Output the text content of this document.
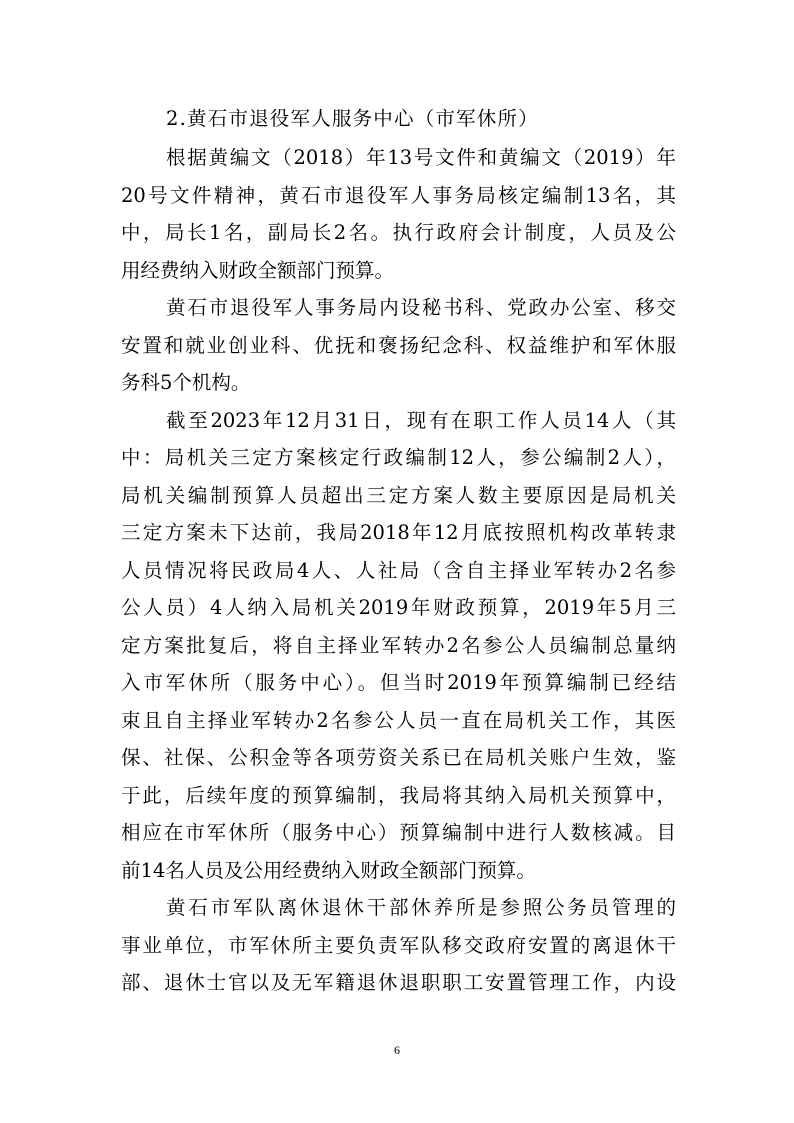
2.黄石市退役军人服务中心（市军休所）

根据黄编文（2018）年13号文件和黄编文（2019）年
20号文件精神，黄石市退役军人事务局核定编制13名，其
中，局长1名，副局长2名。执行政府会计制度，人员及公
用经费纳入财政全额部门预算。

黄石市退役军人事务局内设秘书科、党政办公室、移交
安置和就业创业科、优抚和褒扬纪念科、权益维护和军休服
务科5个机构。

截至2023年12月31日，现有在职工作人员14人（其
中：局机关三定方案核定行政编制12人，参公编制2人），
局机关编制预算人员超出三定方案人数主要原因是局机关
三定方案未下达前，我局2018年12月底按照机构改革转隶
人员情况将民政局4人、人社局（含自主择业军转办2名参
公人员）4人纳入局机关2019年财政预算，2019年5月三
定方案批复后，将自主择业军转办2名参公人员编制总量纳
入市军休所（服务中心）。但当时2019年预算编制已经结
束且自主择业军转办2名参公人员一直在局机关工作，其医
保、社保、公积金等各项劳资关系已在局机关账户生效，鉴
于此，后续年度的预算编制，我局将其纳入局机关预算中，
相应在市军休所（服务中心）预算编制中进行人数核减。目
前14名人员及公用经费纳入财政全额部门预算。

黄石市军队离休退休干部休养所是参照公务员管理的
事业单位，市军休所主要负责军队移交政府安置的离退休干
部、退休士官以及无军籍退休退职职工安置管理工作，内设

6
